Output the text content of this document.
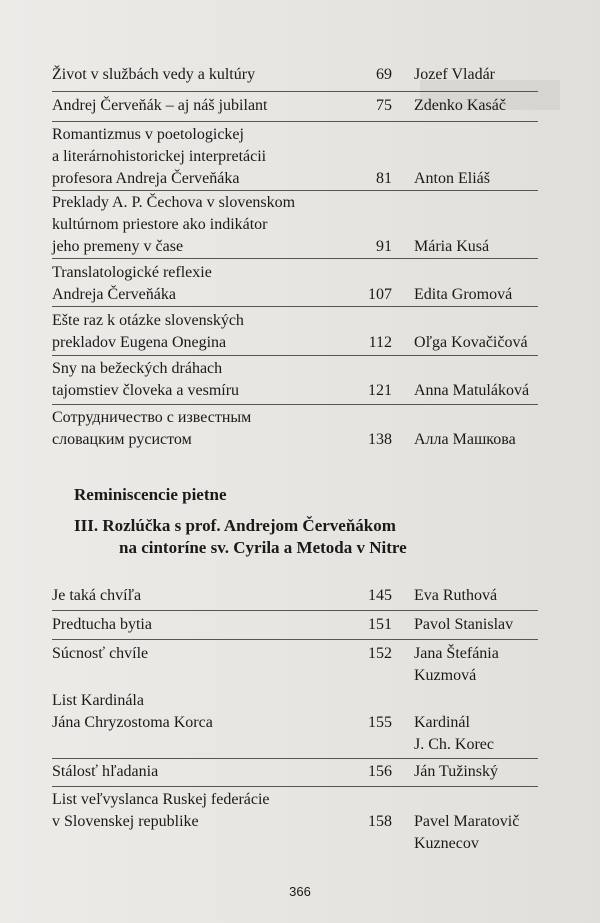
Život v službách vedy a kultúry	69 Jozef Vladár
Andrej Červeňák – aj náš jubilant	75 Zdenko Kasáč
Romantizmus v poetologickej
a literárnohistorickej interpretácii
profesora Andreja Červeňáka	81 Anton Eliáš
Preklady A. P. Čechova v slovenskom
kultúrnom priestore ako indikátor
jeho premeny v čase	91 Mária Kusá
Translatologické reflexie
Andreja Červeňáka	107 Edita Gromová
Ešte raz k otázke slovenských
prekladov Eugena Onegina	112 Oľga Kovačičová
Sny na bežeckých dráhach
tajomstiev človeka a vesmíru	121 Anna Matuláková
Сотрудничество с известным
словацким русистом	138 Алла Машкова
Reminiscencie pietne
III. Rozlúčka s prof. Andrejom Červeňákom
na cintoríne sv. Cyrila a Metoda v Nitre
Je taká chvíľa	145 Eva Ruthová
Predtucha bytia	151 Pavol Stanislav
Súcnosť chvíle	152 Jana Štefánia
Kuzmová
List Kardinála
Jána Chryzostoma Korca	155 Kardinál
J. Ch. Korec
Stálosť hľadania	156 Ján Tužinský
List veľvyslanca Ruskej federácie
v Slovenskej republike	158 Pavel Maratovič
Kuznecov
366
